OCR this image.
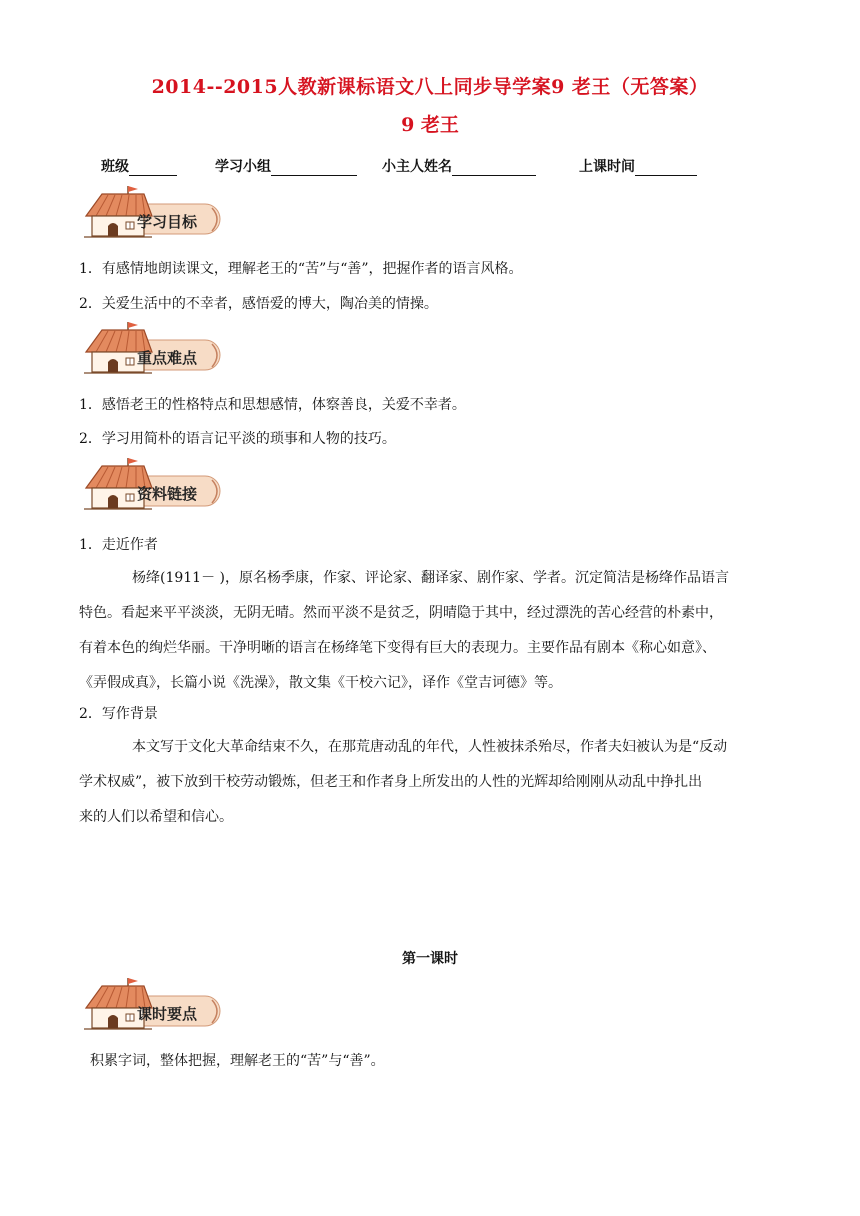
2014--2015人教新课标语文八上同步导学案9 老王（无答案）
9 老王
班级	学习小组	小主人姓名	上课时间
学习目标
1．有感情地朗读课文，理解老王的“苦”与“善”，把握作者的语言风格。
2．关爱生活中的不幸者，感悟爱的博大，陶冶美的情操。
重点难点
1．感悟老王的性格特点和思想感情，体察善良，关爱不幸者。
2．学习用简朴的语言记平淡的琐事和人物的技巧。
资料链接
1．走近作者
杨绛(1911－ )，原名杨季康，作家、评论家、翻译家、剧作家、学者。沉定简洁是杨绛作品语言
特色。看起来平平淡淡，无阴无晴。然而平淡不是贫乏，阴晴隐于其中，经过漂洗的苦心经营的朴素中，
有着本色的绚烂华丽。干净明晰的语言在杨绛笔下变得有巨大的表现力。主要作品有剧本《称心如意》、
《弄假成真》，长篇小说《洗澡》，散文集《干校六记》，译作《堂吉诃德》等。
2．写作背景
本文写于文化大革命结束不久，在那荒唐动乱的年代，人性被抹杀殆尽，作者夫妇被认为是“反动
学术权威”，被下放到干校劳动锻炼，但老王和作者身上所发出的人性的光辉却给刚刚从动乱中挣扎出
来的人们以希望和信心。
第一课时
课时要点
积累字词，整体把握，理解老王的“苦”与“善”。
